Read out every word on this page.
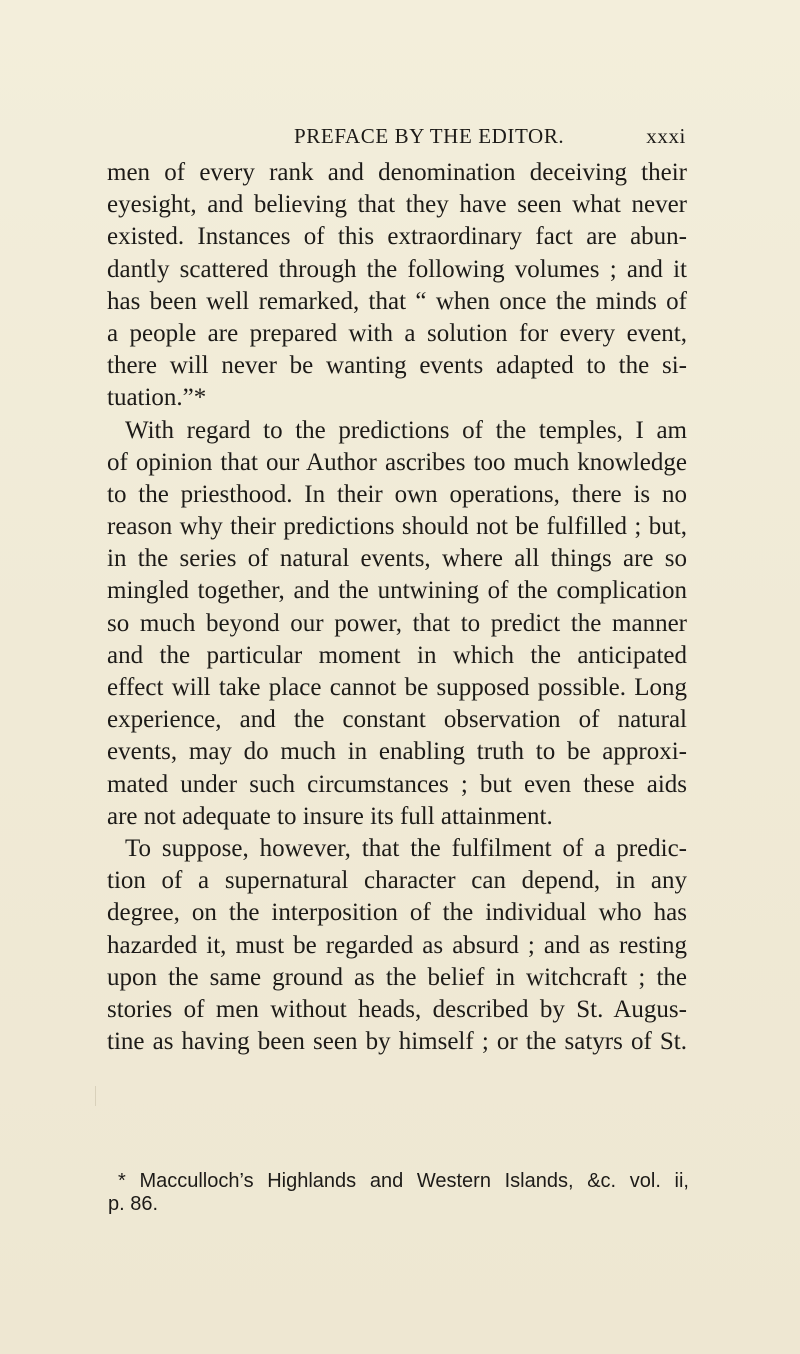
PREFACE BY THE EDITOR.	xxxi
men of every rank and denomination deceiving their
eyesight, and believing that they have seen what never
existed. Instances of this extraordinary fact are abun-
dantly scattered through the following volumes ; and it
has been well remarked, that “ when once the minds of
a people are prepared with a solution for every event,
there will never be wanting events adapted to the si-
tuation.”*
With regard to the predictions of the temples, I am
of opinion that our Author ascribes too much knowledge
to the priesthood. In their own operations, there is no
reason why their predictions should not be fulfilled ; but,
in the series of natural events, where all things are so
mingled together, and the untwining of the complication
so much beyond our power, that to predict the manner
and the particular moment in which the anticipated
effect will take place cannot be supposed possible. Long
experience, and the constant observation of natural
events, may do much in enabling truth to be approxi-
mated under such circumstances ; but even these aids
are not adequate to insure its full attainment.
To suppose, however, that the fulfilment of a predic-
tion of a supernatural character can depend, in any
degree, on the interposition of the individual who has
hazarded it, must be regarded as absurd ; and as resting
upon the same ground as the belief in witchcraft ; the
stories of men without heads, described by St. Augus-
tine as having been seen by himself ; or the satyrs of St.
* Macculloch’s Highlands and Western Islands, &c. vol. ii,
p. 86.
